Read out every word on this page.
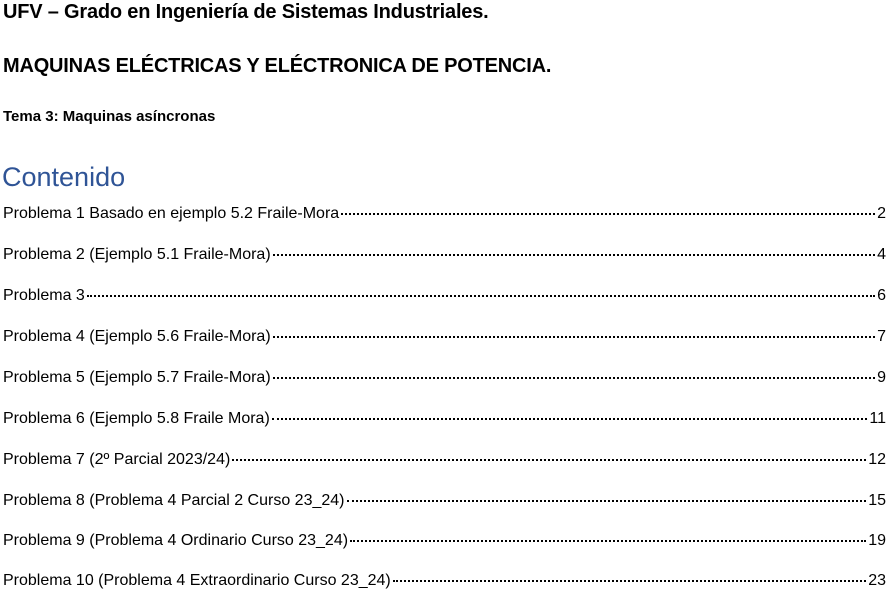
UFV – Grado en Ingeniería de Sistemas Industriales.
MAQUINAS ELÉCTRICAS Y ELÉCTRONICA DE POTENCIA.
Tema 3: Maquinas asíncronas
Contenido
Problema 1 Basado en ejemplo 5.2 Fraile-Mora	2
Problema 2 (Ejemplo 5.1 Fraile-Mora)	4
Problema 3	6
Problema 4 (Ejemplo 5.6 Fraile-Mora)	7
Problema 5 (Ejemplo 5.7 Fraile-Mora)	9
Problema 6 (Ejemplo 5.8 Fraile Mora)	11
Problema 7 (2º Parcial 2023/24)	12
Problema 8 (Problema 4 Parcial 2 Curso 23_24)	15
Problema 9 (Problema 4 Ordinario Curso 23_24)	19
Problema 10 (Problema 4 Extraordinario Curso 23_24)	23
